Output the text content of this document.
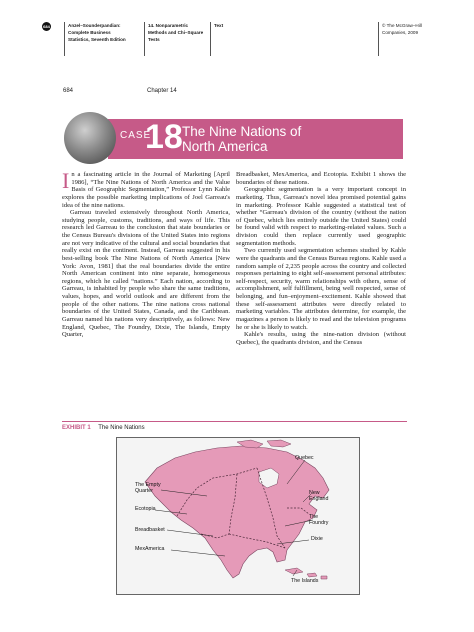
684	Anzel–Sounderpandian:
Complete Business
Statistics, Seventh Edition
14. Nonparametric
Methods and Chi–Square
Tests
Text	© The McGraw–Hill
Companies, 2009
684	Chapter 14
CASE
18 The Nine Nations of
North America

In a fascinating article in the Journal of Marketing [April 1986], “The Nine Nations of North America and the Value Basis of Geographic Segmentation,” Professor Lynn Kahle explores the possible marketing implications of Joel Garreau's idea of the nine nations.

Garreau traveled extensively throughout North America, studying people, customs, traditions, and ways of life. This research led Garreau to the conclusion that state boundaries or the Census Bureau's divisions of the United States into regions are not very indicative of the cultural and social boundaries that really exist on the continent. Instead, Garreau suggested in his best-selling book The Nine Nations of North America [New York: Avon, 1981] that the real boundaries divide the entire North American continent into nine separate, homogeneous regions, which he called “nations.” Each nation, according to Garreau, is inhabited by people who share the same traditions, values, hopes, and world outlook and are different from the people of the other nations. The nine nations cross national boundaries of the United States, Canada, and the Caribbean. Garreau named his nations very descriptively, as follows: New England, Quebec, The Foundry, Dixie, The Islands, Empty Quarter,

Breadbasket, MexAmerica, and Ecotopia. Exhibit 1 shows the boundaries of these nations.

Geographic segmentation is a very important concept in marketing. Thus, Garreau's novel idea promised potential gains in marketing. Professor Kahle suggested a statistical test of whether “Garreau's division of the country (without the nation of Quebec, which lies entirely outside the United States) could be found valid with respect to marketing-related values. Such a division could then replace currently used geographic segmentation methods.

Two currently used segmentation schemes studied by Kahle were the quadrants and the Census Bureau regions. Kahle used a random sample of 2,235 people across the country and collected responses pertaining to eight self-assessment personal attributes: self-respect, security, warm relationships with others, sense of accomplishment, self fulfillment, being well respected, sense of belonging, and fun–enjoyment–excitement. Kahle showed that these self-assessment attributes were directly related to marketing variables. The attributes determine, for example, the magazines a person is likely to read and the television programs he or she is likely to watch.

Kahle's results, using the nine-nation division (without Quebec), the quadrants division, and the Census

EXHIBIT 1 The Nine Nations
Quebec
The Empty
Quarter	New
England
Ecotopia
The
Foundry
Breadbasket
Dixie
MexAmerica
The Islands
